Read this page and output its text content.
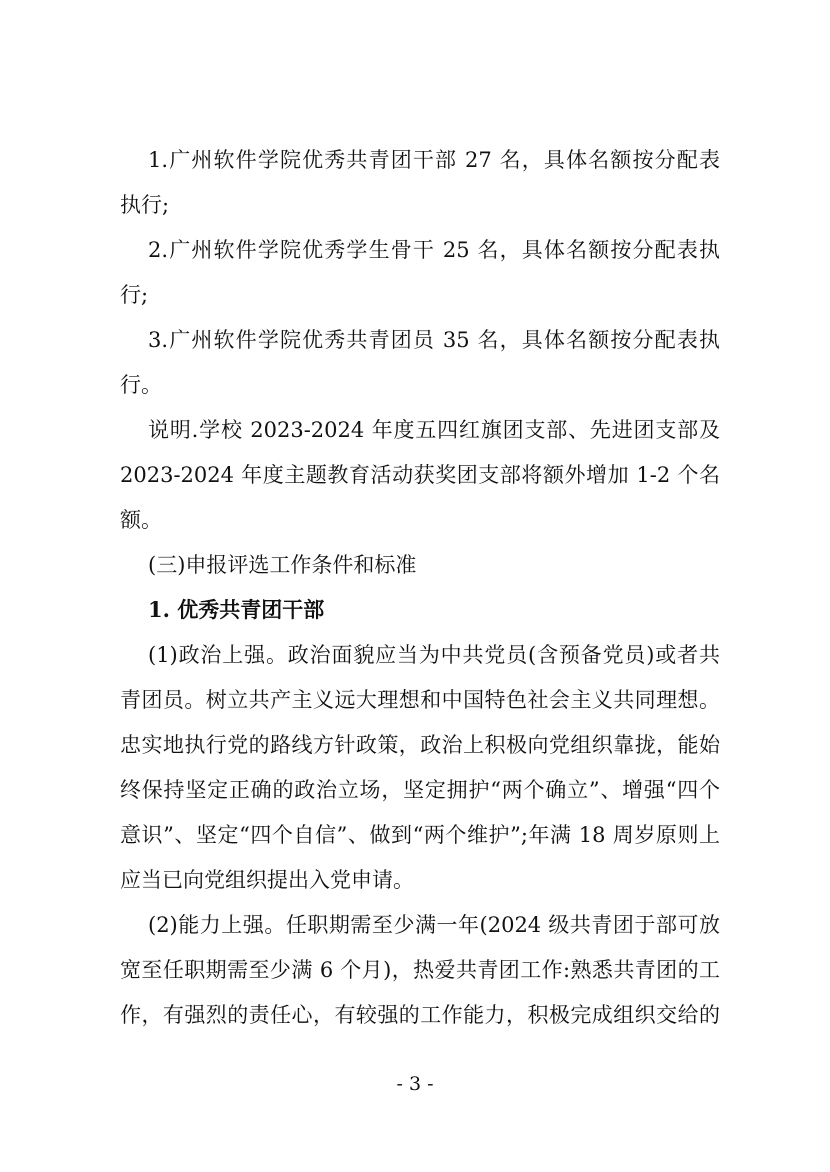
1.广州软件学院优秀共青团干部 27 名，具体名额按分配表
执行;
2.广州软件学院优秀学生骨干 25 名，具体名额按分配表执
行;
3.广州软件学院优秀共青团员 35 名，具体名额按分配表执
行。
说明.学校 2023-2024 年度五四红旗团支部、先进团支部及
2023-2024 年度主题教育活动获奖团支部将额外增加 1-2 个名
额。
(三)申报评选工作条件和标准
1. 优秀共青团干部
(1)政治上强。政治面貌应当为中共党员(含预备党员)或者共
青团员。树立共产主义远大理想和中国特色社会主义共同理想。
忠实地执行党的路线方针政策，政治上积极向党组织靠拢，能始
终保持坚定正确的政治立场，坚定拥护“两个确立”、增强“四个
意识”、坚定“四个自信”、做到“两个维护”;年满 18 周岁原则上
应当已向党组织提出入党申请。
(2)能力上强。任职期需至少满一年(2024 级共青团于部可放
宽至任职期需至少满 6 个月)，热爱共青团工作:熟悉共青团的工
作，有强烈的责任心，有较强的工作能力，积极完成组织交给的
- 3 -
